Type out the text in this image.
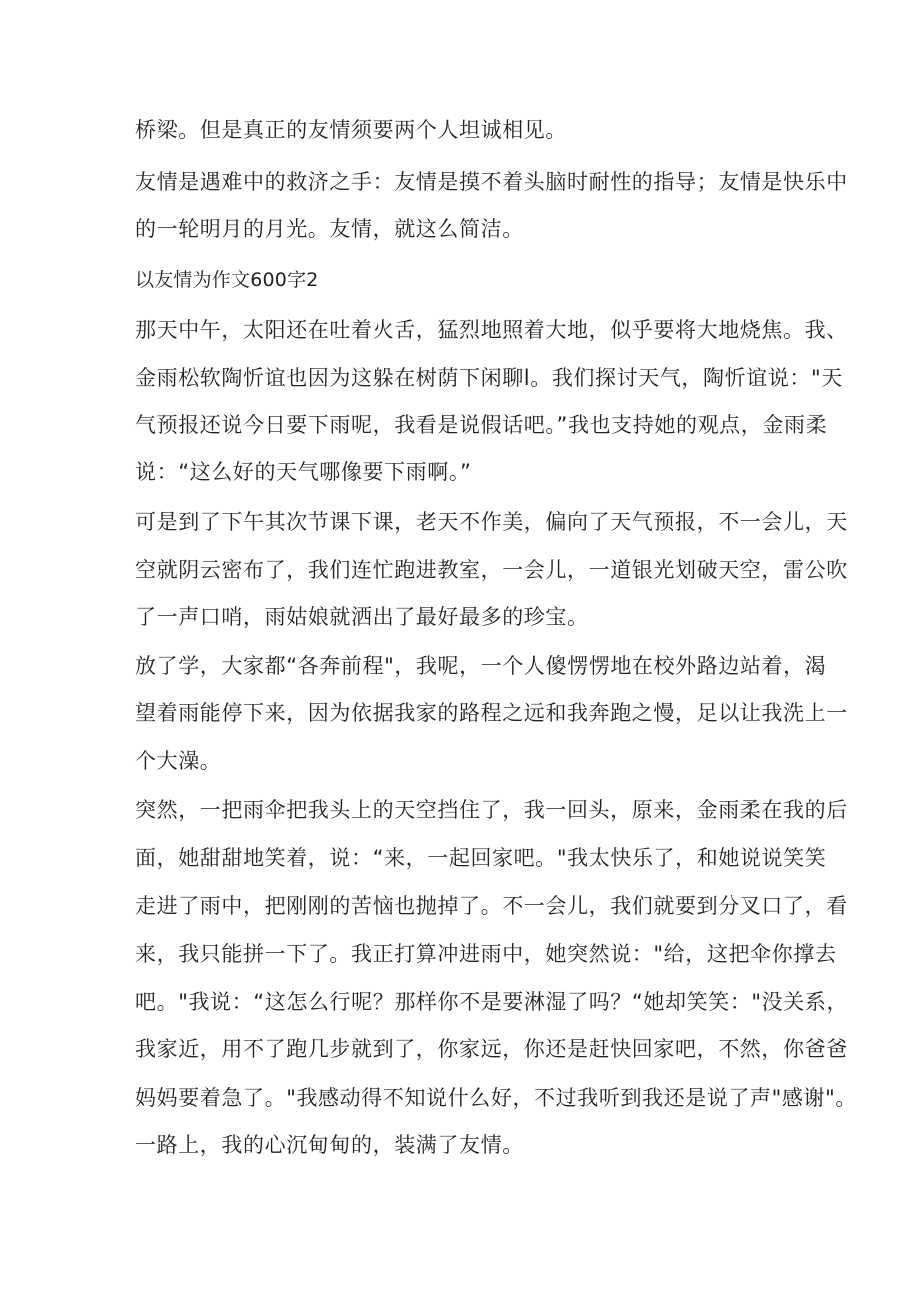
桥梁。但是真正的友情须要两个人坦诚相见。
友情是遇难中的救济之手：友情是摸不着头脑时耐性的指导；友情是快乐中
的一轮明月的月光。友情，就这么简洁。
以友情为作文600字2
那天中午，太阳还在吐着火舌，猛烈地照着大地，似乎要将大地烧焦。我、
金雨松软陶忻谊也因为这躲在树荫下闲聊l。我们探讨天气，陶忻谊说："天
气预报还说今日要下雨呢，我看是说假话吧。”我也支持她的观点，金雨柔
说：“这么好的天气哪像要下雨啊。”
可是到了下午其次节课下课，老天不作美，偏向了天气预报，不一会儿，天
空就阴云密布了，我们连忙跑进教室，一会儿，一道银光划破天空，雷公吹
了一声口哨，雨姑娘就洒出了最好最多的珍宝。
放了学，大家都“各奔前程"，我呢，一个人傻愣愣地在校外路边站着，渴
望着雨能停下来，因为依据我家的路程之远和我奔跑之慢，足以让我洗上一
个大澡。
突然，一把雨伞把我头上的天空挡住了，我一回头，原来，金雨柔在我的后
面，她甜甜地笑着，说：“来，一起回家吧。"我太快乐了，和她说说笑笑
走进了雨中，把刚刚的苦恼也抛掉了。不一会儿，我们就要到分叉口了，看
来，我只能拼一下了。我正打算冲进雨中，她突然说："给，这把伞你撑去
吧。"我说：“这怎么行呢？那样你不是要淋湿了吗？“她却笑笑："没关系，
我家近，用不了跑几步就到了，你家远，你还是赶快回家吧，不然，你爸爸
妈妈要着急了。"我感动得不知说什么好，不过我听到我还是说了声"感谢"。
一路上，我的心沉甸甸的，装满了友情。
